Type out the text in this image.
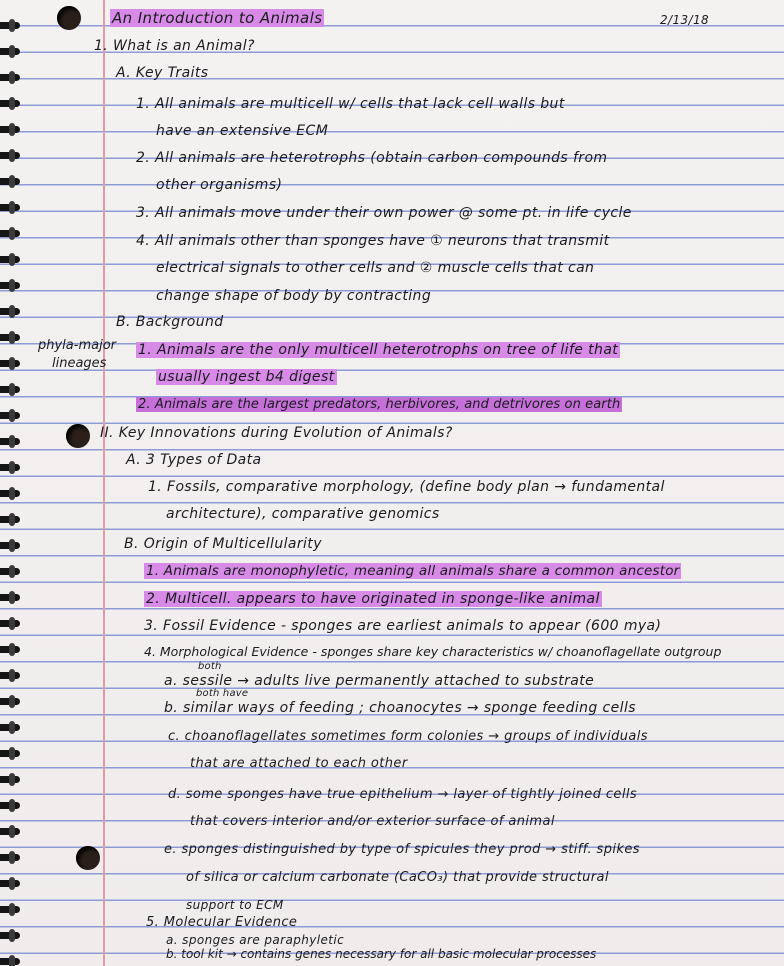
An Introduction to Animals	2/13/18
phyla-major
lineages
1. What is an Animal?
A. Key Traits
1. All animals are multicell w/ cells that lack cell walls but
have an extensive ECM
2. All animals are heterotrophs (obtain carbon compounds from
other organisms)
3. All animals move under their own power @ some pt. in life cycle
4. All animals other than sponges have ① neurons that transmit
electrical signals to other cells and ② muscle cells that can
change shape of body by contracting
B. Background
1. Animals are the only multicell heterotrophs on tree of life that
usually ingest b4 digest
2. Animals are the largest predators, herbivores, and detrivores on earth
II. Key Innovations during Evolution of Animals?
A. 3 Types of Data
1. Fossils, comparative morphology, (define body plan → fundamental
architecture), comparative genomics
B. Origin of Multicellularity
1. Animals are monophyletic, meaning all animals share a common ancestor
2. Multicell. appears to have originated in sponge-like animal
3. Fossil Evidence - sponges are earliest animals to appear (600 mya)
4. Morphological Evidence - sponges share key characteristics w/ choanoflagellate outgroup
both
a. sessile → adults live permanently attached to substrate
both have
b. similar ways of feeding ; choanocytes → sponge feeding cells
c. choanoflagellates sometimes form colonies → groups of individuals
that are attached to each other
d. some sponges have true epithelium → layer of tightly joined cells
that covers interior and/or exterior surface of animal
e. sponges distinguished by type of spicules they prod → stiff. spikes
of silica or calcium carbonate (CaCO₃) that provide structural
support to ECM
5. Molecular Evidence
a. sponges are paraphyletic
b. tool kit → contains genes necessary for all basic molecular processes
